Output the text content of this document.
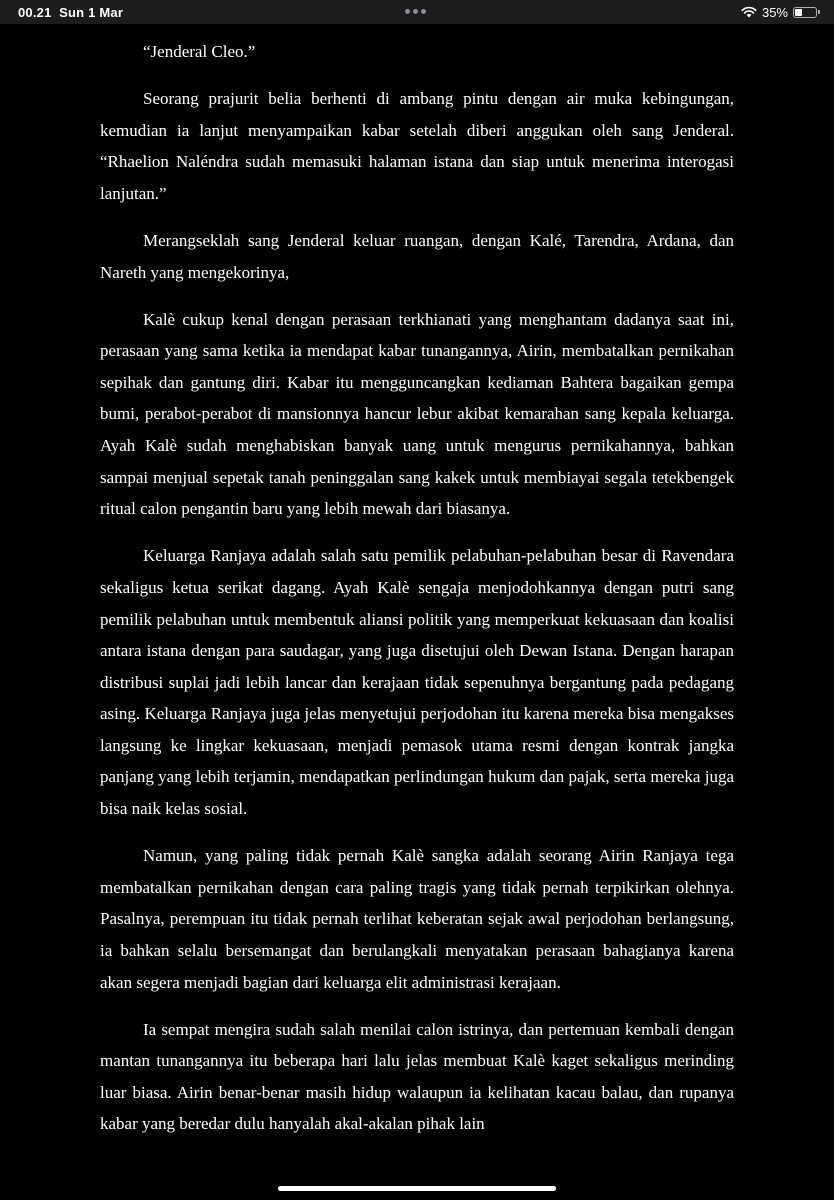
00.21 Sun 1 Mar	35%

“Jenderal Cleo.”

Seorang prajurit belia berhenti di ambang pintu dengan air muka kebingungan, kemudian ia lanjut menyampaikan kabar setelah diberi anggukan oleh sang Jenderal. “Rhaelion Naléndra sudah memasuki halaman istana dan siap untuk menerima interogasi lanjutan.”

Merangseklah sang Jenderal keluar ruangan, dengan Kalé, Tarendra, Ardana, dan Nareth yang mengekorinya,

Kalè cukup kenal dengan perasaan terkhianati yang menghantam dadanya saat ini, perasaan yang sama ketika ia mendapat kabar tunangannya, Airin, membatalkan pernikahan sepihak dan gantung diri. Kabar itu mengguncangkan kediaman Bahtera bagaikan gempa bumi, perabot-perabot di mansionnya hancur lebur akibat kemarahan sang kepala keluarga. Ayah Kalè sudah menghabiskan banyak uang untuk mengurus pernikahannya, bahkan sampai menjual sepetak tanah peninggalan sang kakek untuk membiayai segala tetekbengek ritual calon pengantin baru yang lebih mewah dari biasanya.

Keluarga Ranjaya adalah salah satu pemilik pelabuhan-pelabuhan besar di Ravendara sekaligus ketua serikat dagang. Ayah Kalè sengaja menjodohkannya dengan putri sang pemilik pelabuhan untuk membentuk aliansi politik yang memperkuat kekuasaan dan koalisi antara istana dengan para saudagar, yang juga disetujui oleh Dewan Istana. Dengan harapan distribusi suplai jadi lebih lancar dan kerajaan tidak sepenuhnya bergantung pada pedagang asing. Keluarga Ranjaya juga jelas menyetujui perjodohan itu karena mereka bisa mengakses langsung ke lingkar kekuasaan, menjadi pemasok utama resmi dengan kontrak jangka panjang yang lebih terjamin, mendapatkan perlindungan hukum dan pajak, serta mereka juga bisa naik kelas sosial.

Namun, yang paling tidak pernah Kalè sangka adalah seorang Airin Ranjaya tega membatalkan pernikahan dengan cara paling tragis yang tidak pernah terpikirkan olehnya. Pasalnya, perempuan itu tidak pernah terlihat keberatan sejak awal perjodohan berlangsung, ia bahkan selalu bersemangat dan berulangkali menyatakan perasaan bahagianya karena akan segera menjadi bagian dari keluarga elit administrasi kerajaan.

Ia sempat mengira sudah salah menilai calon istrinya, dan pertemuan kembali dengan mantan tunangannya itu beberapa hari lalu jelas membuat Kalè kaget sekaligus merinding luar biasa. Airin benar-benar masih hidup walaupun ia kelihatan kacau balau, dan rupanya kabar yang beredar dulu hanyalah akal-akalan pihak lain
